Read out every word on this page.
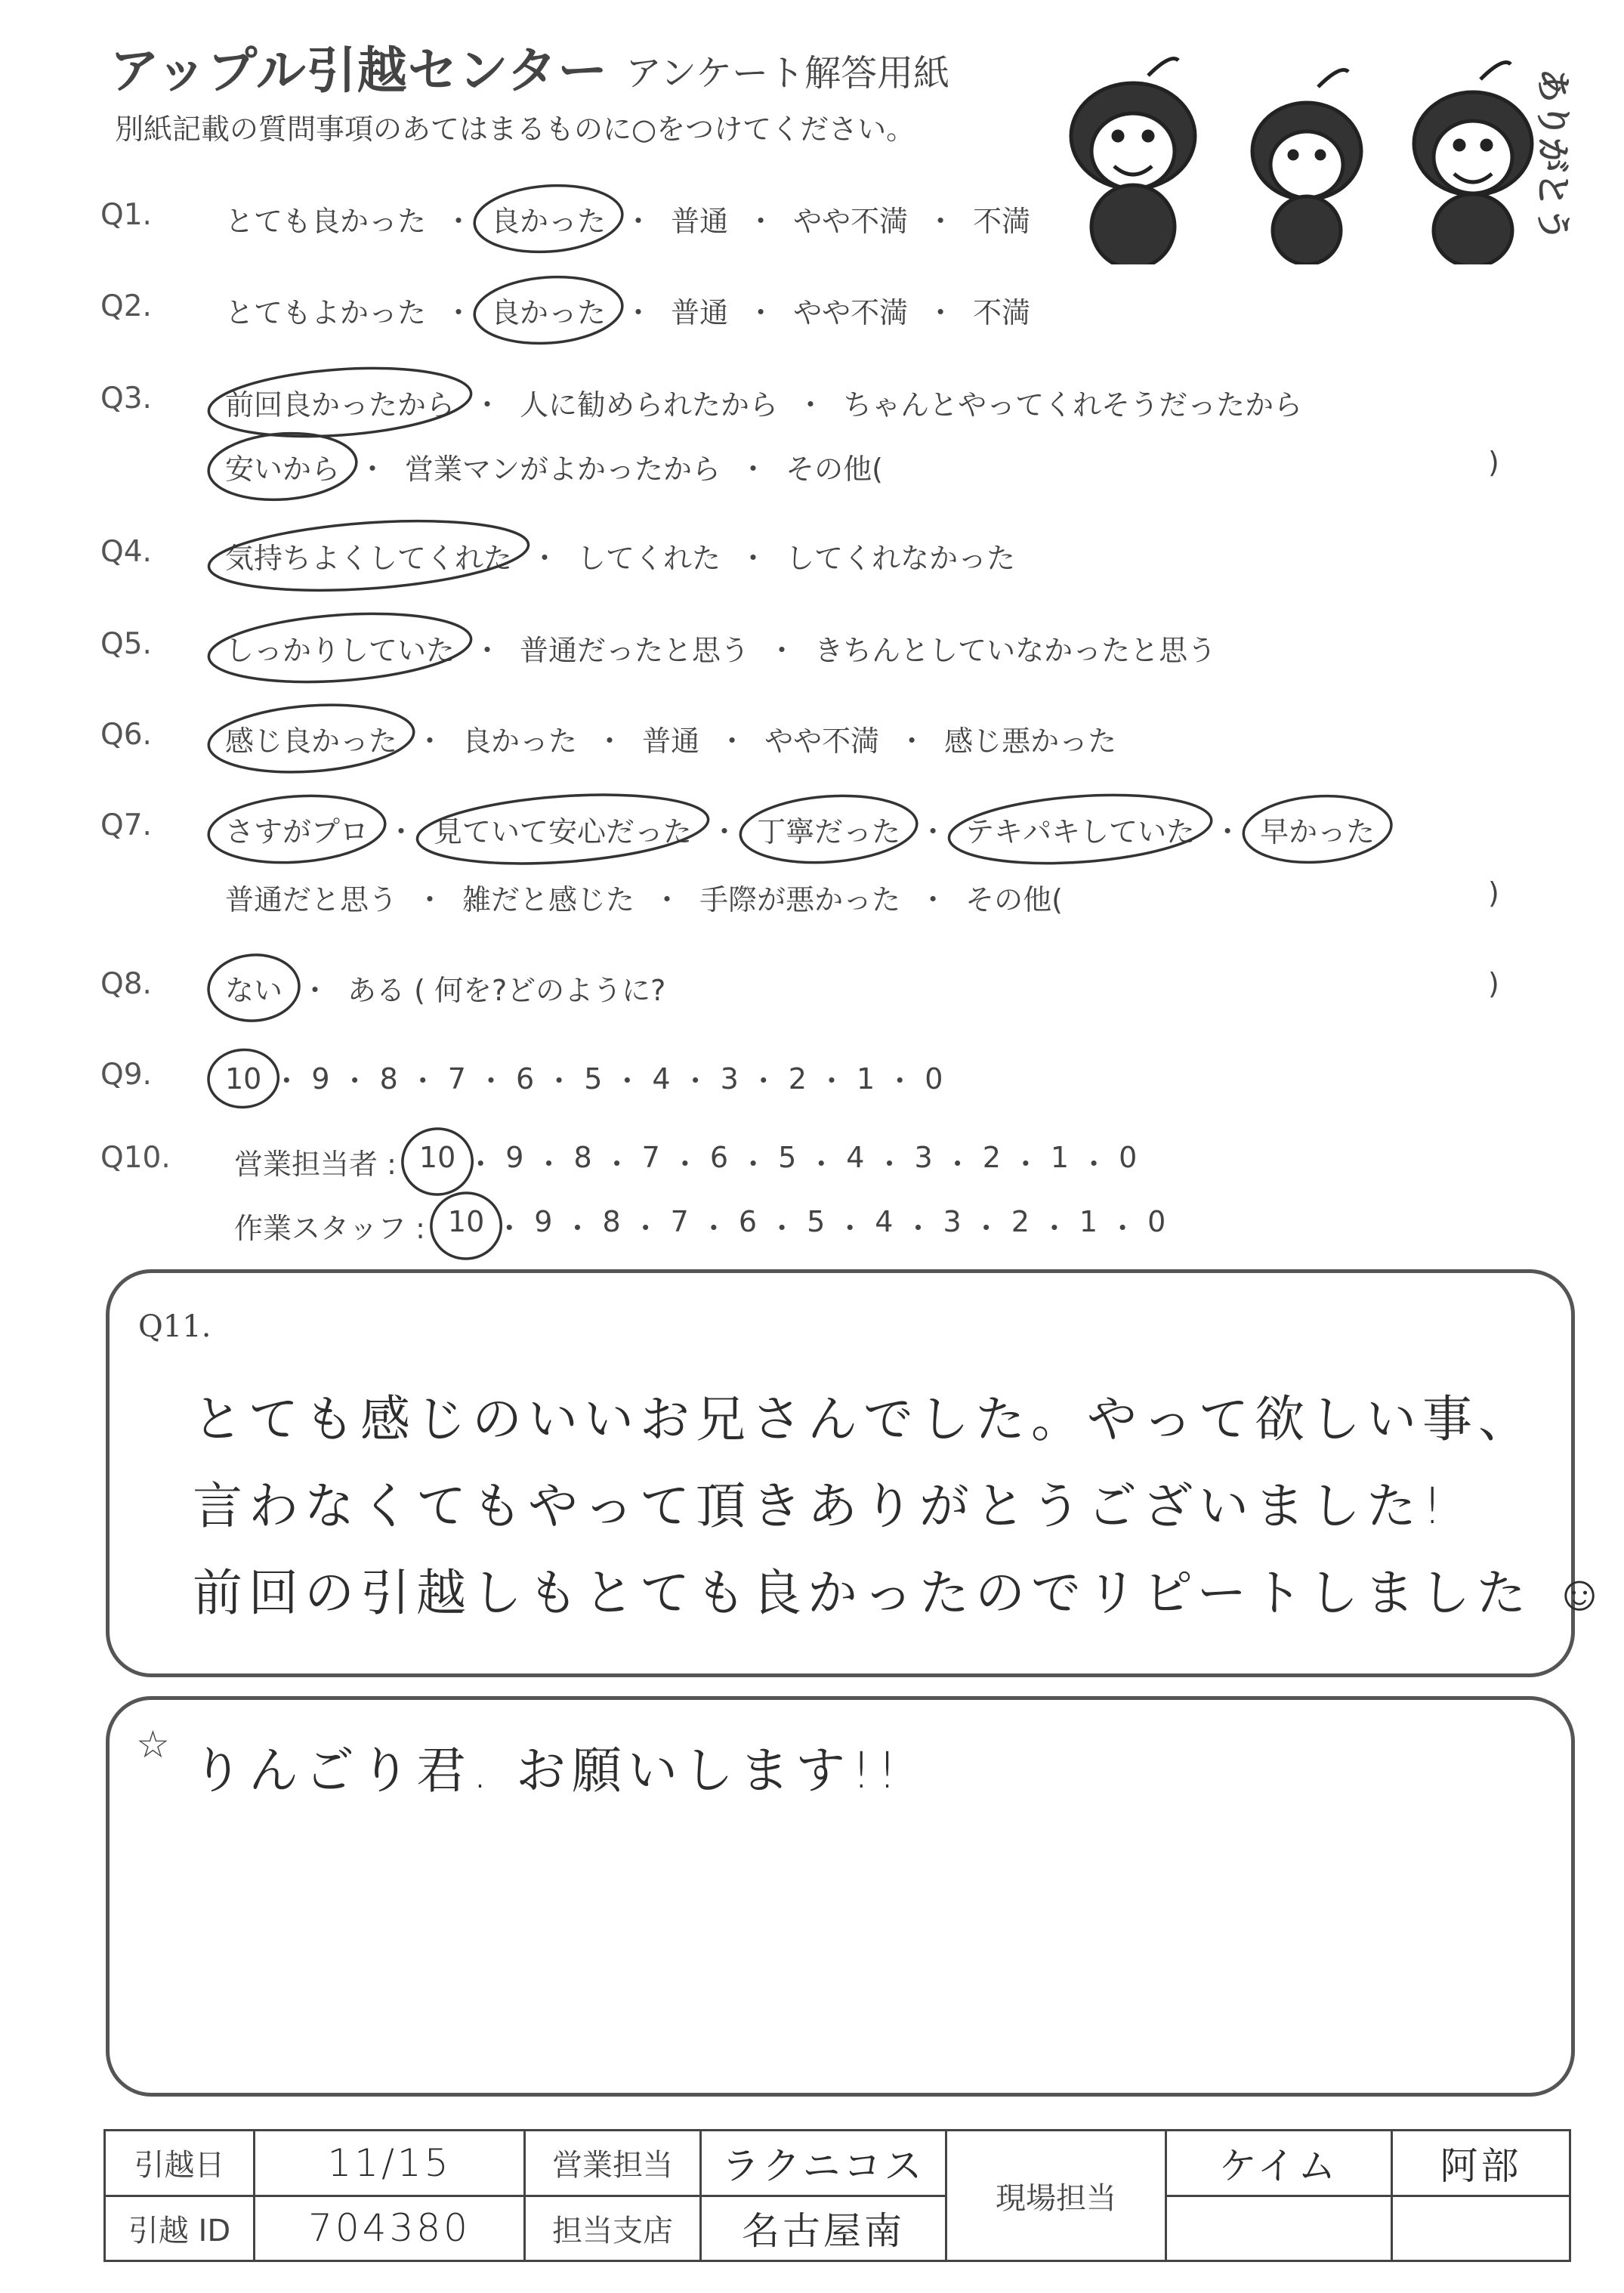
アップル引越センター アンケート解答用紙
別紙記載の質問事項のあてはまるものに○をつけてください。	ありがとう
Q1.	とても良かった ・ 良かった ・ 普通 ・ やや不満 ・ 不満
Q2.	とてもよかった ・ 良かった ・ 普通 ・ やや不満 ・ 不満
Q3.	前回良かったから ・ 人に勧められたから ・ ちゃんとやってくれそうだったから
安いから ・ 営業マンがよかったから ・ その他(
Q4.	気持ちよくしてくれた ・ してくれた ・ してくれなかった
Q5.	しっかりしていた ・ 普通だったと思う ・ きちんとしていなかったと思う
Q6.	感じ良かった ・ 良かった ・ 普通 ・ やや不満 ・ 感じ悪かった
Q7.	さすがプロ ・ 見ていて安心だった ・ 丁寧だった ・ テキパキしていた ・ 早かった
普通だと思う ・ 雑だと感じた ・ 手際が悪かった ・ その他(
Q8.	ない ・ ある ( 何を?どのように?
Q9.	10 ・ 9 ・ 8 ・ 7 ・ 6 ・ 5 ・ 4 ・ 3 ・ 2 ・ 1 ・ 0
Q10. 営業担当者 : 10 ・ 9 ・ 8 ・ 7 ・ 6 ・ 5 ・ 4 ・ 3 ・ 2 ・ 1 ・ 0
作業スタッフ : 10 ・ 9 ・ 8 ・ 7 ・ 6 ・ 5 ・ 4 ・ 3 ・ 2 ・ 1 ・ 0
)
)
)
Q11.
とても感じのいいお兄さんでした。やって欲しい事、
言わなくてもやって頂きありがとうございました!
前回の引越しもとても良かったのでリピートしました ☺
☆ りんごり君. お願いします!!
引越日	11/15	営業担当	ラクニコス	現場担当	ケイム	阿部
引越 ID	704380	担当支店	名古屋南			
